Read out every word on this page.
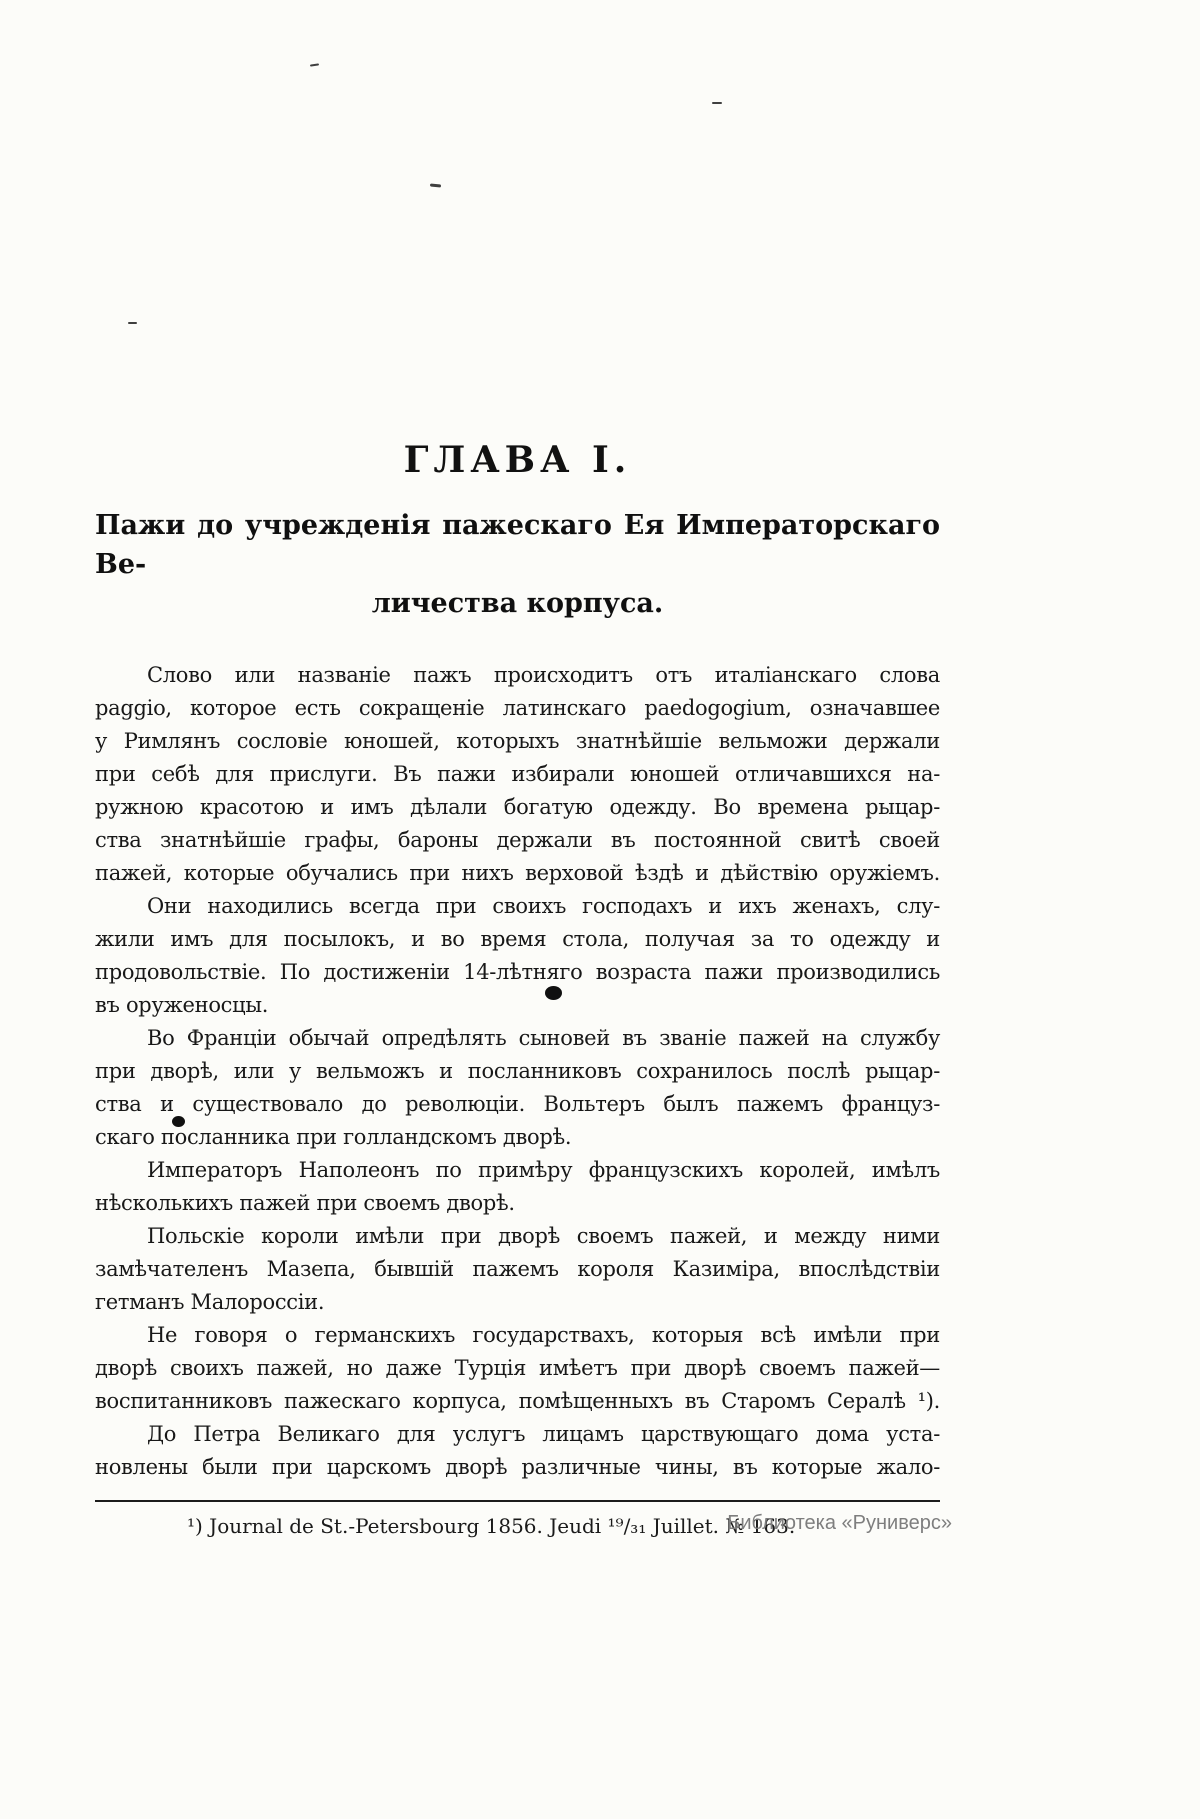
ГЛАВА I.
Пажи до учрежденія пажескаго Ея Императорскаго Ве-
личества корпуса.
Слово или названіе пажъ происходитъ отъ италіанскаго слова
paggio, которое есть сокращеніе латинскаго paedogogium, означавшее
у Римлянъ сословіе юношей, которыхъ знатнѣйшіе вельможи держали
при себѣ для прислуги. Въ пажи избирали юношей отличавшихся на-
ружною красотою и имъ дѣлали богатую одежду. Во времена рыцар-
ства знатнѣйшіе графы, бароны держали въ постоянной свитѣ своей
пажей, которые обучались при нихъ верховой ѣздѣ и дѣйствію оружіемъ.
Они находились всегда при своихъ господахъ и ихъ женахъ, слу-
жили имъ для посылокъ, и во время стола, получая за то одежду и
продовольствіе. По достиженіи 14-лѣтняго возраста пажи производились
въ оруженосцы.
Во Франціи обычай опредѣлять сыновей въ званіе пажей на службу
при дворѣ, или у вельможъ и посланниковъ сохранилось послѣ рыцар-
ства и существовало до революціи. Вольтеръ былъ пажемъ француз-
скаго посланника при голландскомъ дворѣ.
Императоръ Наполеонъ по примѣру французскихъ королей, имѣлъ
нѣсколькихъ пажей при своемъ дворѣ.
Польскіе короли имѣли при дворѣ своемъ пажей, и между ними
замѣчателенъ Мазепа, бывшій пажемъ короля Казиміра, впослѣдствіи
гетманъ Малороссіи.
Не говоря о германскихъ государствахъ, которыя всѣ имѣли при
дворѣ своихъ пажей, но даже Турція имѣетъ при дворѣ своемъ пажей—
воспитанниковъ пажескаго корпуса, помѣщенныхъ въ Старомъ Сералѣ ¹).
До Петра Великаго для услугъ лицамъ царствующаго дома уста-
новлены были при царскомъ дворѣ различные чины, въ которые жало-
¹) Journal de St.-Petersbourg 1856. Jeudi ¹⁹/₃₁ Juillet. № 163.
Библиотека «Руниверс»
